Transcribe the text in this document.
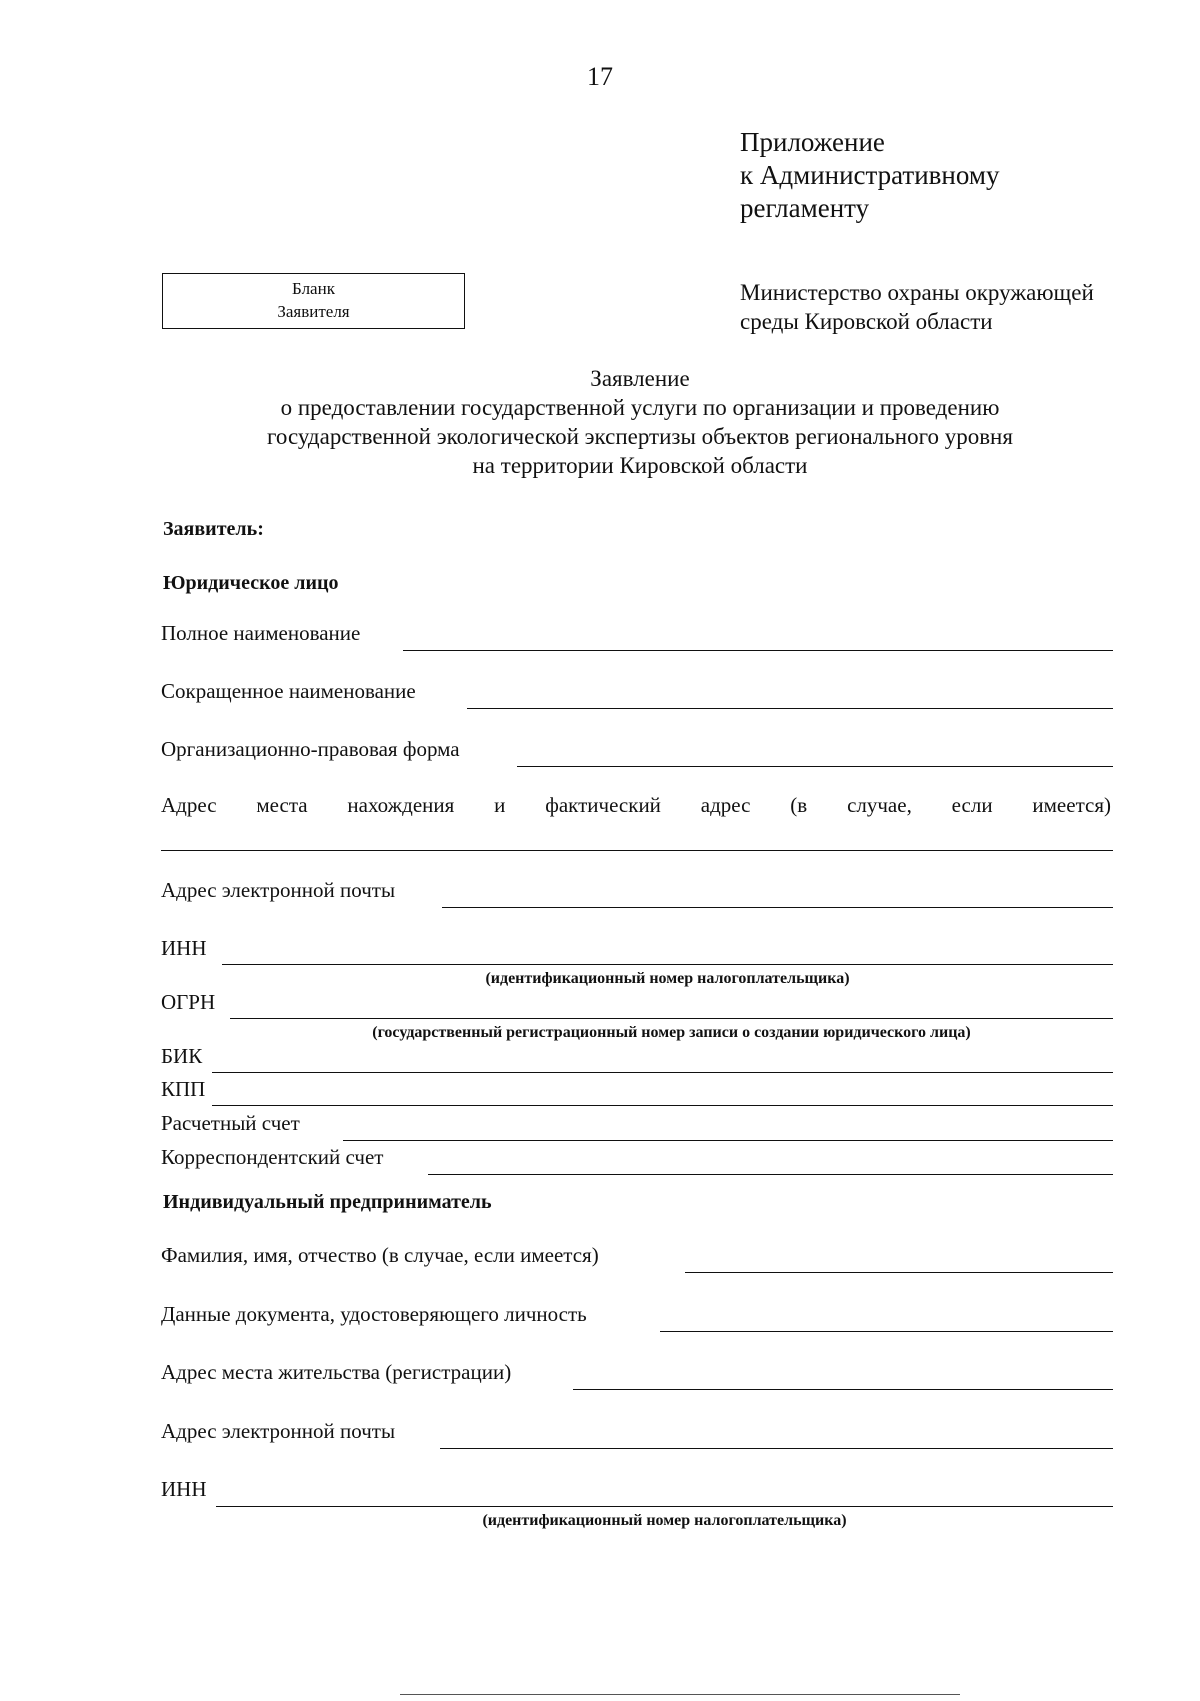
17
Приложение
к Административному
регламенту
Бланк
Заявителя
Министерство охраны окружающей
среды Кировской области
Заявление
о предоставлении государственной услуги по организации и проведению
государственной экологической экспертизы объектов регионального уровня
на территории Кировской области
Заявитель:
Юридическое лицо
Полное наименование
Сокращенное наименование
Организационно-правовая форма
Адрес места нахождения и фактический адрес (в случае, если имеется)
Адрес электронной почты
ИНН
(идентификационный номер налогоплательщика)
ОГРН
(государственный регистрационный номер записи о создании юридического лица)
БИК
КПП
Расчетный счет
Корреспондентский счет
Индивидуальный предприниматель
Фамилия, имя, отчество (в случае, если имеется)
Данные документа, удостоверяющего личность
Адрес места жительства (регистрации)
Адрес электронной почты
ИНН
(идентификационный номер налогоплательщика)
